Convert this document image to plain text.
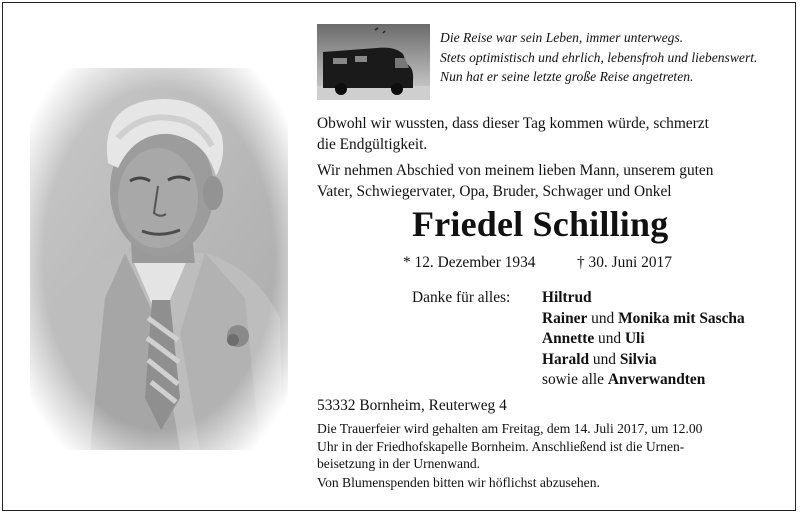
Die Reise war sein Leben, immer unterwegs.
Stets optimistisch und ehrlich, lebensfroh und liebenswert.
Nun hat er seine letzte große Reise angetreten.
Obwohl wir wussten, dass dieser Tag kommen würde, schmerzt
die Endgültigkeit.
Wir nehmen Abschied von meinem lieben Mann, unserem guten
Vater, Schwiegervater, Opa, Bruder, Schwager und Onkel
Friedel Schilling
* 12. Dezember 1934	† 30. Juni 2017
Danke für alles: Hiltrud
Rainer und Monika mit Sascha
Annette und Uli
Harald und Silvia
sowie alle Anverwandten
53332 Bornheim, Reuterweg 4
Die Trauerfeier wird gehalten am Freitag, dem 14. Juli 2017, um 12.00
Uhr in der Friedhofskapelle Bornheim. Anschließend ist die Urnen-
beisetzung in der Urnenwand.
Von Blumenspenden bitten wir höflichst abzusehen.
